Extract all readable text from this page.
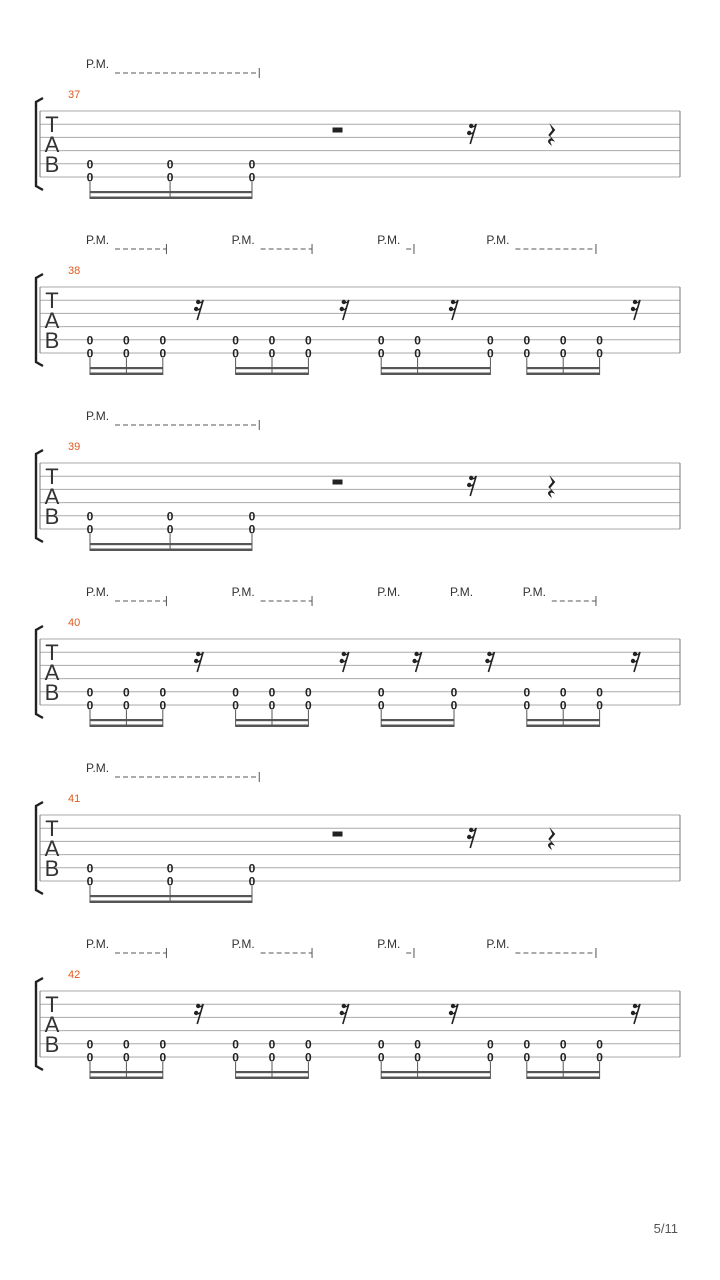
P.M.
37
T
A
B 0
0
0
0
0
0
P.M.	P.M.	P.M.	P.M.
38
T
A
B 0
0
0
0
0
0
0
0
0
0
0
0
0
0
0
0
0
0
0
0
0
0
0
0
P.M.
39
T
A
B 0
0
0
0
0
0
P.M.	P.M.	P.M.	P.M.	P.M.
40
T
A
B 0
0
0
0
0
0
0
0
0
0
0
0
0
0
0
0
0
0
0
0
0
0
P.M.
41
T
A
B 0
0
0
0
0
0
P.M.	P.M.	P.M.	P.M.
42
T
A
B 0
0
0
0
0
0
0
0
0
0
0
0
0
0
0
0
0
0
0
0
0
0
0
0
5/11
